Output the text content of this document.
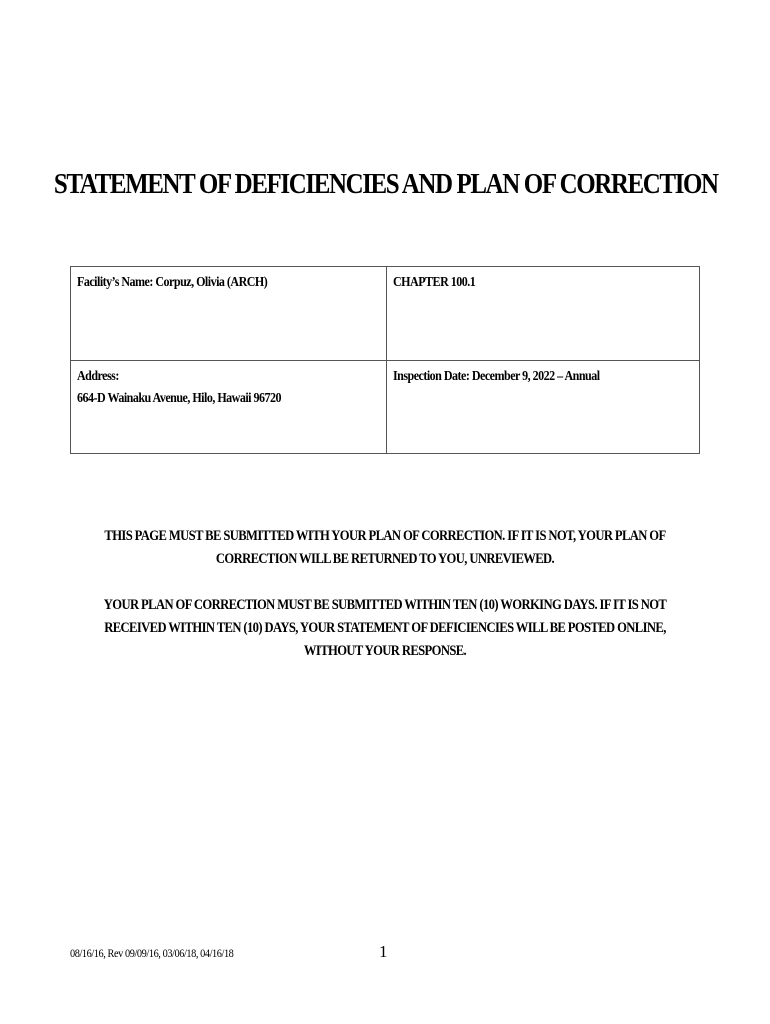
STATEMENT OF DEFICIENCIES AND PLAN OF CORRECTION
Facility’s Name: Corpuz, Olivia (ARCH)	CHAPTER 100.1
Address:
664-D Wainaku Avenue, Hilo, Hawaii 96720	Inspection Date: December 9, 2022 – Annual
THIS PAGE MUST BE SUBMITTED WITH YOUR PLAN OF CORRECTION. IF IT IS NOT, YOUR PLAN OF
CORRECTION WILL BE RETURNED TO YOU, UNREVIEWED.
YOUR PLAN OF CORRECTION MUST BE SUBMITTED WITHIN TEN (10) WORKING DAYS. IF IT IS NOT
RECEIVED WITHIN TEN (10) DAYS, YOUR STATEMENT OF DEFICIENCIES WILL BE POSTED ONLINE,
WITHOUT YOUR RESPONSE.
08/16/16, Rev 09/09/16, 03/06/18, 04/16/18	1
